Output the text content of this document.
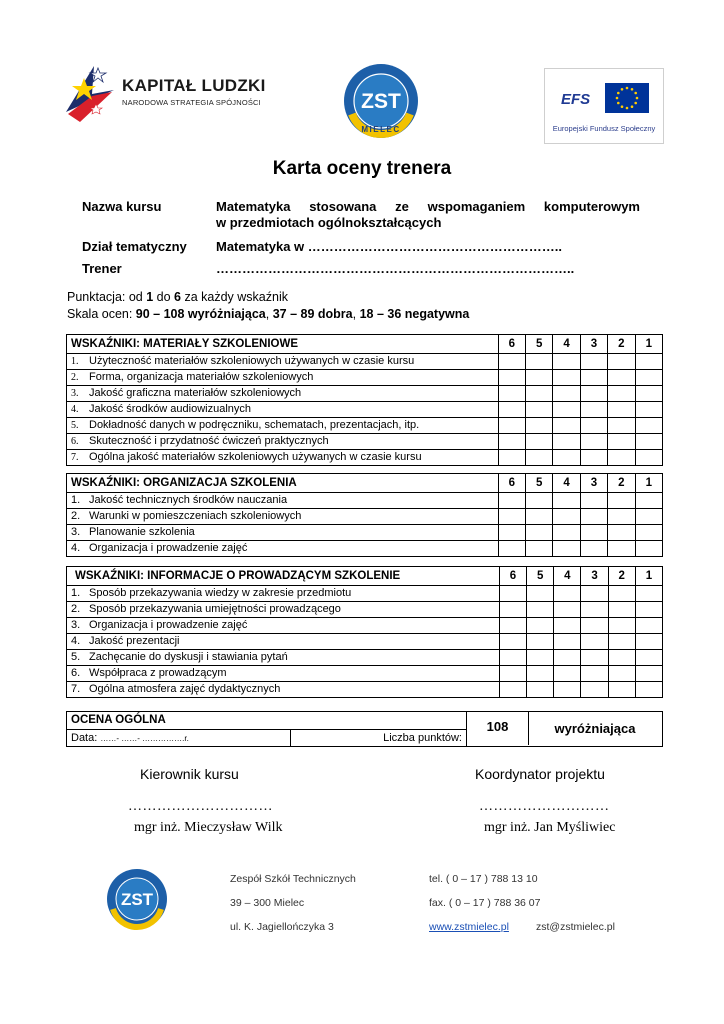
KAPITAŁ LUDZKI
NARODOWA STRATEGIA SPÓJNOŚCI	ZST
MIELEC
EFS
Europejski Fundusz Społeczny
Karta oceny trenera
Nazwa kursu	Matematyka stosowana ze wspomaganiem komputerowym
w przedmiotach ogólnokształcących
Dział tematyczny	Matematyka w …………………………………………………..
Trener	………………………………………………………………………..
Punktacja: od 1 do 6 za każdy wskaźnik
Skala ocen: 90 – 108 wyróżniająca, 37 – 89 dobra, 18 – 36 negatywna
WSKAŹNIKI: MATERIAŁY SZKOLENIOWE	6	5	4	3	2	1
1. Użyteczność materiałów szkoleniowych używanych w czasie kursu						
2. Forma, organizacja materiałów szkoleniowych						
3. Jakość graficzna materiałów szkoleniowych						
4. Jakość środków audiowizualnych						
5. Dokładność danych w podręczniku, schematach, prezentacjach, itp.						
6. Skuteczność i przydatność ćwiczeń praktycznych						
7. Ogólna jakość materiałów szkoleniowych używanych w czasie kursu						
WSKAŹNIKI: ORGANIZACJA SZKOLENIA	6	5	4	3	2	1
1. Jakość technicznych środków nauczania						
2. Warunki w pomieszczeniach szkoleniowych						
3. Planowanie szkolenia						
4. Organizacja i prowadzenie zajęć						
WSKAŹNIKI: INFORMACJE O PROWADZĄCYM SZKOLENIE	6	5	4	3	2	1
1. Sposób przekazywania wiedzy w zakresie przedmiotu						
2. Sposób przekazywania umiejętności prowadzącego						
3. Organizacja i prowadzenie zajęć						
4. Jakość prezentacji						
5. Zachęcanie do dyskusji i stawiania pytań						
6. Współpraca z prowadzącym						
7. Ogólna atmosfera zajęć dydaktycznych						
OCENA OGÓLNA
Data: ……- ……- …………….r.	Liczba punktów:
108	wyróżniająca
Kierownik kursu
…………………………
mgr inż. Mieczysław Wilk
Koordynator projektu
………………………
mgr inż. Jan Myśliwiec
ZST
Zespół Szkół Technicznych
39 – 300 Mielec
ul. K. Jagiellończyka 3
tel. ( 0 – 17 ) 788 13 10
fax. ( 0 – 17 ) 788 36 07
www.zstmielec.pl	zst@zstmielec.pl
